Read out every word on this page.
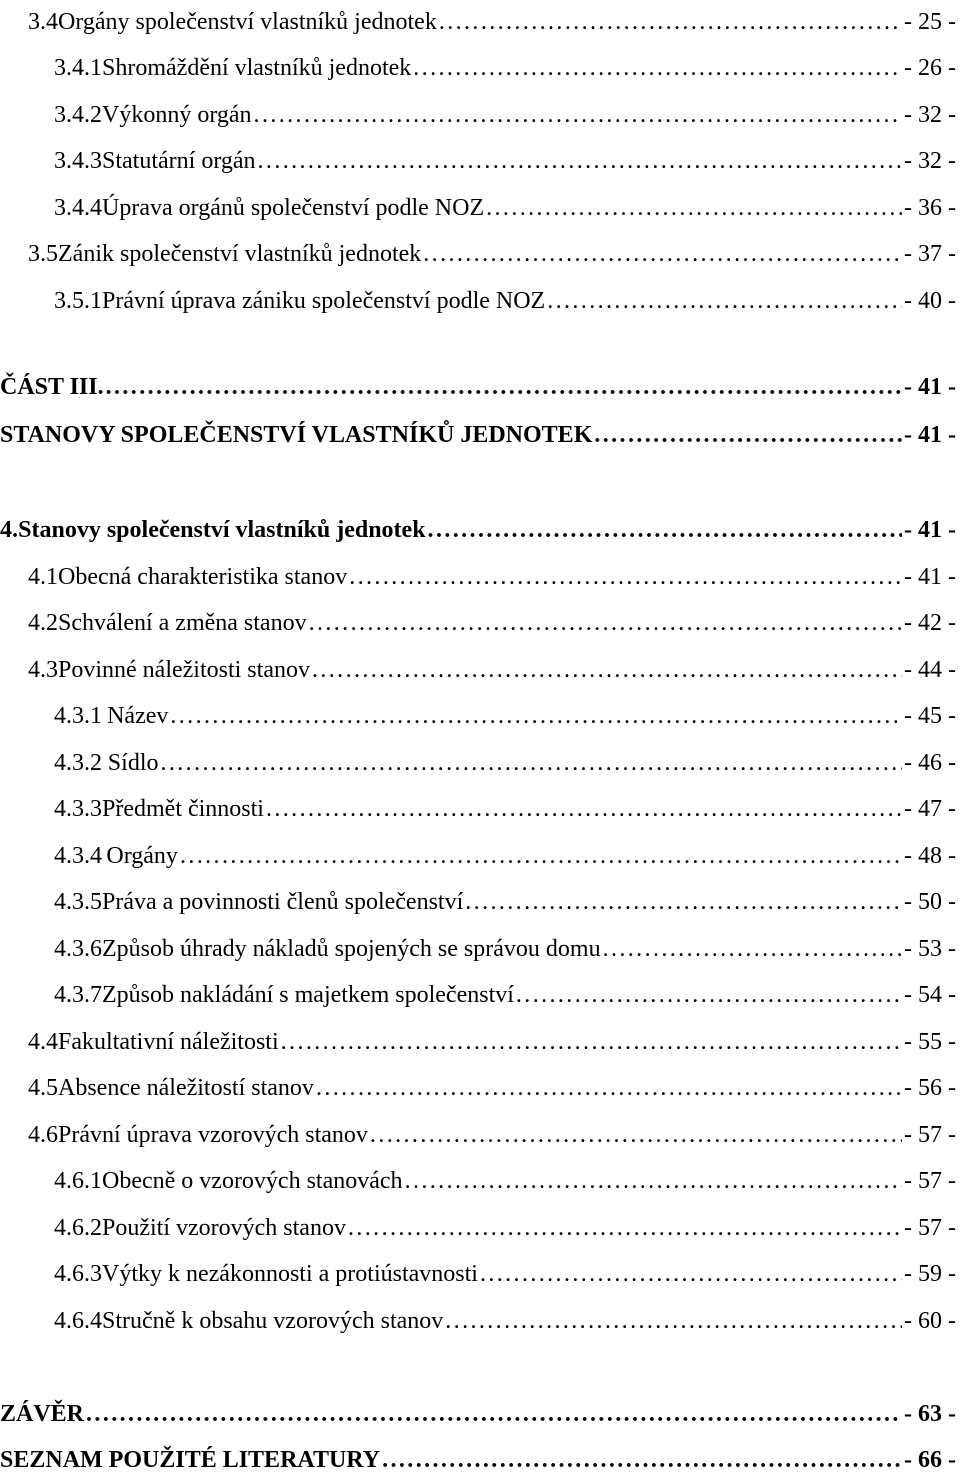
3.4 Orgány společenství vlastníků jednotek . . .	- 25 -
3.4.1 Shromáždění vlastníků jednotek . . .	- 26 -
3.4.2 Výkonný orgán . . .	- 32 -
3.4.3 Statutární orgán . . .	- 32 -
3.4.4 Úprava orgánů společenství podle NOZ . . .	- 36 -
3.5 Zánik společenství vlastníků jednotek . . .	- 37 -
3.5.1 Právní úprava zániku společenství podle NOZ . . .	- 40 -
ČÁST III. . . .	- 41 -
STANOVY SPOLEČENSTVÍ VLASTNÍKŮ JEDNOTEK . . .	- 41 -
4. Stanovy společenství vlastníků jednotek . . .	- 41 -
4.1 Obecná charakteristika stanov . . .	- 41 -
4.2 Schválení a změna stanov . . .	- 42 -
4.3 Povinné náležitosti stanov . . .	- 44 -
4.3.1 Název . . .	- 45 -
4.3.2 Sídlo . . .	- 46 -
4.3.3 Předmět činnosti . . .	- 47 -
4.3.4 Orgány . . .	- 48 -
4.3.5 Práva a povinnosti členů společenství . . .	- 50 -
4.3.6 Způsob úhrady nákladů spojených se správou domu . . .	- 53 -
4.3.7 Způsob nakládání s majetkem společenství . . .	- 54 -
4.4 Fakultativní náležitosti . . .	- 55 -
4.5 Absence náležitostí stanov . . .	- 56 -
4.6 Právní úprava vzorových stanov . . .	- 57 -
4.6.1 Obecně o vzorových stanovách . . .	- 57 -
4.6.2 Použití vzorových stanov . . .	- 57 -
4.6.3 Výtky k nezákonnosti a protiústavnosti . . .	- 59 -
4.6.4 Stručně k obsahu vzorových stanov . . .	- 60 -
ZÁVĚR . . .	- 63 -
SEZNAM POUŽITÉ LITERATURY . . .	- 66 -
